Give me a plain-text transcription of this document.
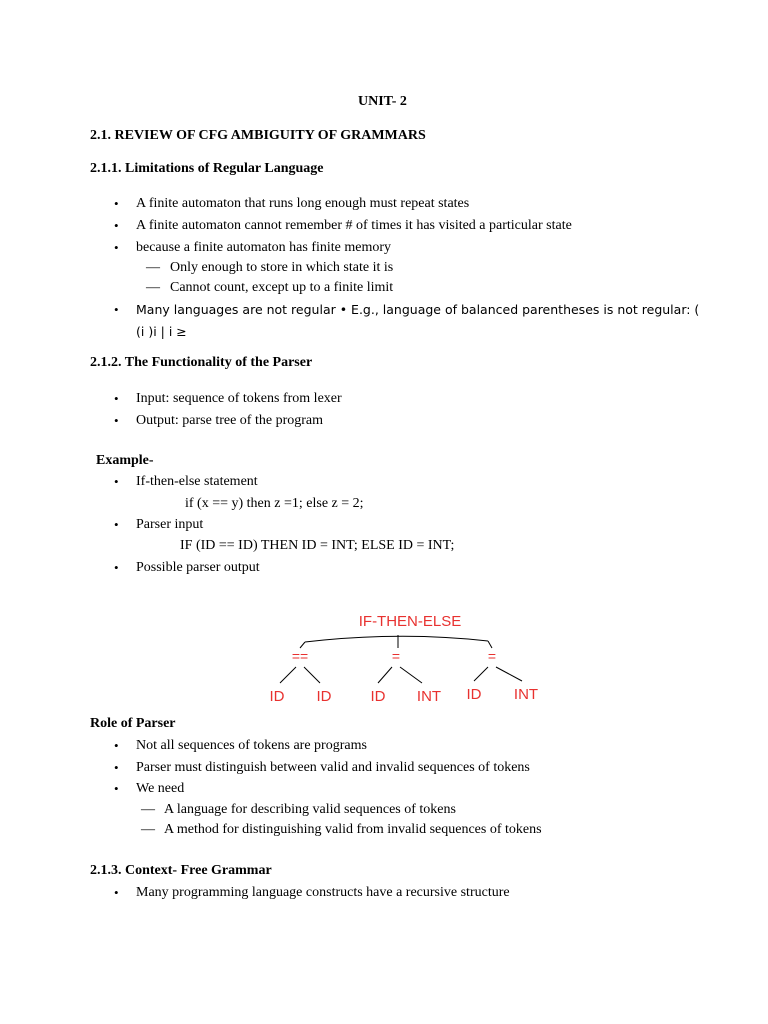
UNIT- 2
2.1. REVIEW OF CFG AMBIGUITY OF GRAMMARS
2.1.1. Limitations of Regular Language
• A finite automaton that runs long enough must repeat states
• A finite automaton cannot remember # of times it has visited a particular state
• because a finite automaton has finite memory
— Only enough to store in which state it is
— Cannot count, except up to a finite limit
• Many languages are not regular • E.g., language of balanced parentheses is not regular: (
(i )i | i ≥
2.1.2. The Functionality of the Parser
• Input: sequence of tokens from lexer
• Output: parse tree of the program
Example-
• If-then-else statement
if (x == y) then z =1; else z = 2;
• Parser input
IF (ID == ID) THEN ID = INT; ELSE ID = INT;
• Possible parser output
IF-THEN-ELSE
==	=	=
ID ID	ID INT ID INT
Role of Parser
• Not all sequences of tokens are programs
• Parser must distinguish between valid and invalid sequences of tokens
• We need
— A language for describing valid sequences of tokens
— A method for distinguishing valid from invalid sequences of tokens
2.1.3. Context- Free Grammar
• Many programming language constructs have a recursive structure
